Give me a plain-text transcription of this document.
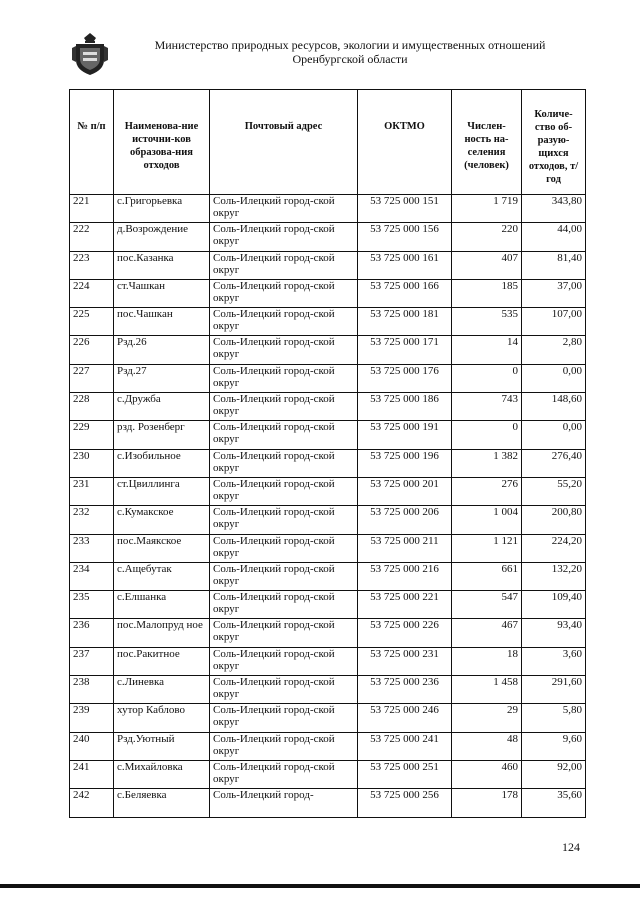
Министерство природных ресурсов, экологии и имущественных отношений
Оренбургской области
№ п/п	Наименова-ние источни-ков образова-ния отходов	Почтовый адрес	ОКТМО	Числен-ность на-селения (человек)	Количе-ство об-разую-щихся отходов, т/год
221	с.Григорьевка	Соль-Илецкий город-ской округ	53 725 000 151	1 719	343,80
222	д.Возрождение	Соль-Илецкий город-ской округ	53 725 000 156	220	44,00
223	пос.Казанка	Соль-Илецкий город-ской округ	53 725 000 161	407	81,40
224	ст.Чашкан	Соль-Илецкий город-ской округ	53 725 000 166	185	37,00
225	пос.Чашкан	Соль-Илецкий город-ской округ	53 725 000 181	535	107,00
226	Рзд.26	Соль-Илецкий город-ской округ	53 725 000 171	14	2,80
227	Рзд.27	Соль-Илецкий город-ской округ	53 725 000 176	0	0,00
228	с.Дружба	Соль-Илецкий город-ской округ	53 725 000 186	743	148,60
229	рзд. Розенберг	Соль-Илецкий город-ской округ	53 725 000 191	0	0,00
230	с.Изобильное	Соль-Илецкий город-ской округ	53 725 000 196	1 382	276,40
231	ст.Цвиллинга	Соль-Илецкий город-ской округ	53 725 000 201	276	55,20
232	с.Кумакское	Соль-Илецкий город-ской округ	53 725 000 206	1 004	200,80
233	пос.Маякское	Соль-Илецкий город-ской округ	53 725 000 211	1 121	224,20
234	с.Ащебутак	Соль-Илецкий город-ской округ	53 725 000 216	661	132,20
235	с.Елшанка	Соль-Илецкий город-ской округ	53 725 000 221	547	109,40
236	пос.Малопруд ное	Соль-Илецкий город-ской округ	53 725 000 226	467	93,40
237	пос.Ракитное	Соль-Илецкий город-ской округ	53 725 000 231	18	3,60
238	с.Линевка	Соль-Илецкий город-ской округ	53 725 000 236	1 458	291,60
239	хутор Каблово	Соль-Илецкий город-ской округ	53 725 000 246	29	5,80
240	Рзд.Уютный	Соль-Илецкий город-ской округ	53 725 000 241	48	9,60
241	с.Михайловка	Соль-Илецкий город-ской округ	53 725 000 251	460	92,00
242	с.Беляевка	Соль-Илецкий город-	53 725 000 256	178	35,60
124
